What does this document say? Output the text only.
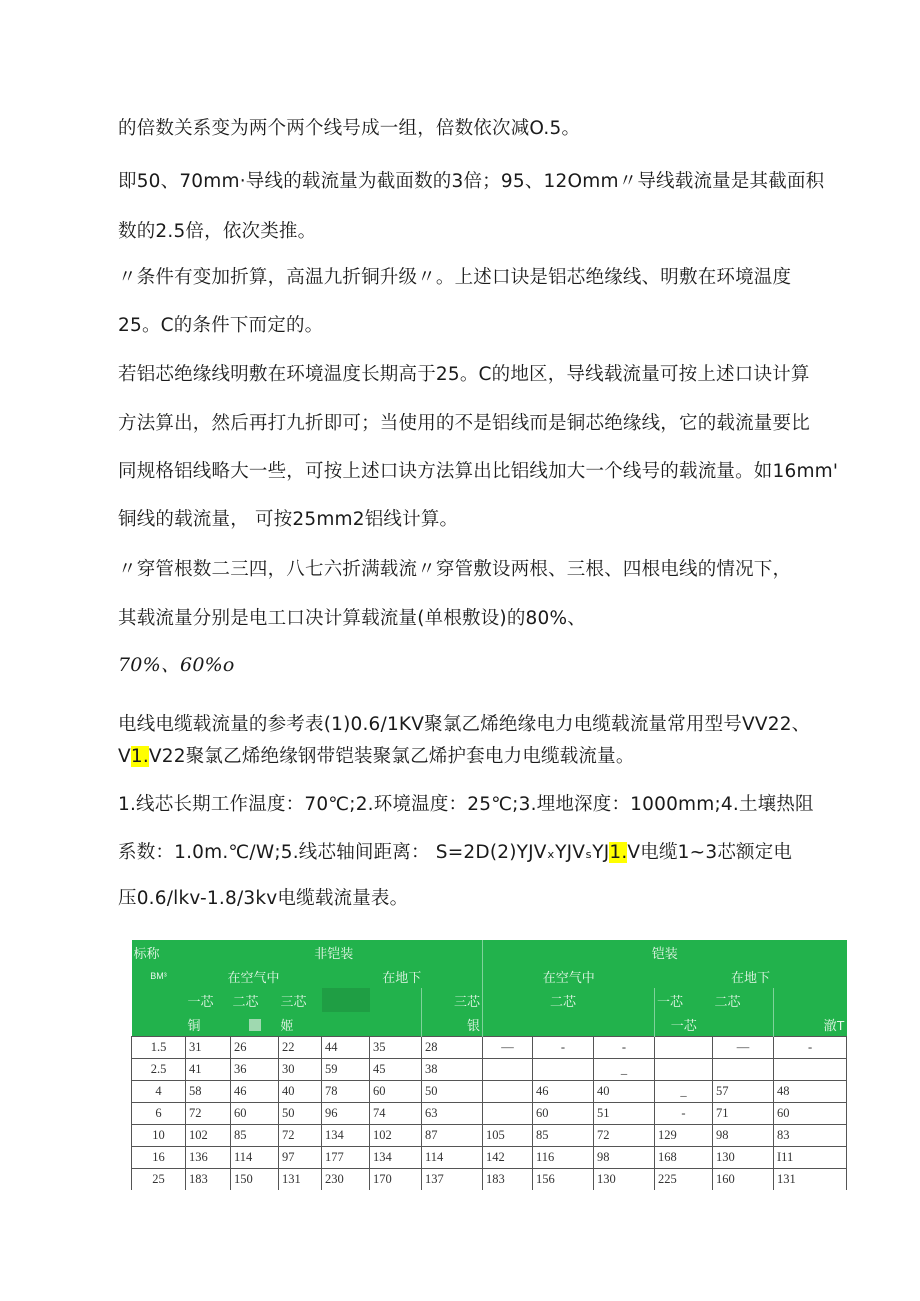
的倍数关系变为两个两个线号成一组，倍数依次减O.5。
即50、70mm·导线的载流量为截面数的3倍；95、12Omm〃导线载流量是其截面积
数的2.5倍，依次类推。
〃条件有变加折算，高温九折铜升级〃。上述口诀是铝芯绝缘线、明敷在环境温度
25。C的条件下而定的。
若铝芯绝缘线明敷在环境温度长期高于25。C的地区，导线载流量可按上述口诀计算
方法算出，然后再打九折即可；当使用的不是铝线而是铜芯绝缘线，它的载流量要比
同规格铝线略大一些，可按上述口诀方法算出比铝线加大一个线号的载流量。如16mm'
铜线的载流量， 可按25mm2铝线计算。
〃穿管根数二三四，八七六折满载流〃穿管敷设两根、三根、四根电线的情况下，
其载流量分别是电工口决计算载流量(单根敷设)的80%、
70%、60%o
电线电缆载流量的参考表(1)0.6/1KV聚氯乙烯绝缘电力电缆载流量常用型号VV22、
V1.V22聚氯乙烯绝缘钢带铠装聚氯乙烯护套电力电缆载流量。
1.线芯长期工作温度：70℃;2.环境温度：25℃;3.埋地深度：1000mm;4.土壤热阻
系数：1.0m.℃/W;5.线芯轴间距离： S=2D(2)YJVₓYJVₛYJ1.V电缆1~3芯额定电
压0.6/lkv-1.8/3kv电缆载流量表。
标称	非铠装						铠装					
BM³	在空气中			在地下			在空气中			在地下		
	一芯	二芯	三芯			三芯		二芯		一芯	二芯	
	铜		姬			银				一芯		澈T
1.5	31	26	22	44	35	28	—	-	-		—	-
2.5	41	36	30	59	45	38			_			
4	58	46	40	78	60	50		46	40	_	57	48
6	72	60	50	96	74	63		60	51	-	71	60
10	102	85	72	134	102	87	105	85	72	129	98	83
16	136	114	97	177	134	114	142	116	98	168	130	I11
25	183	150	131	230	170	137	183	156	130	225	160	131
